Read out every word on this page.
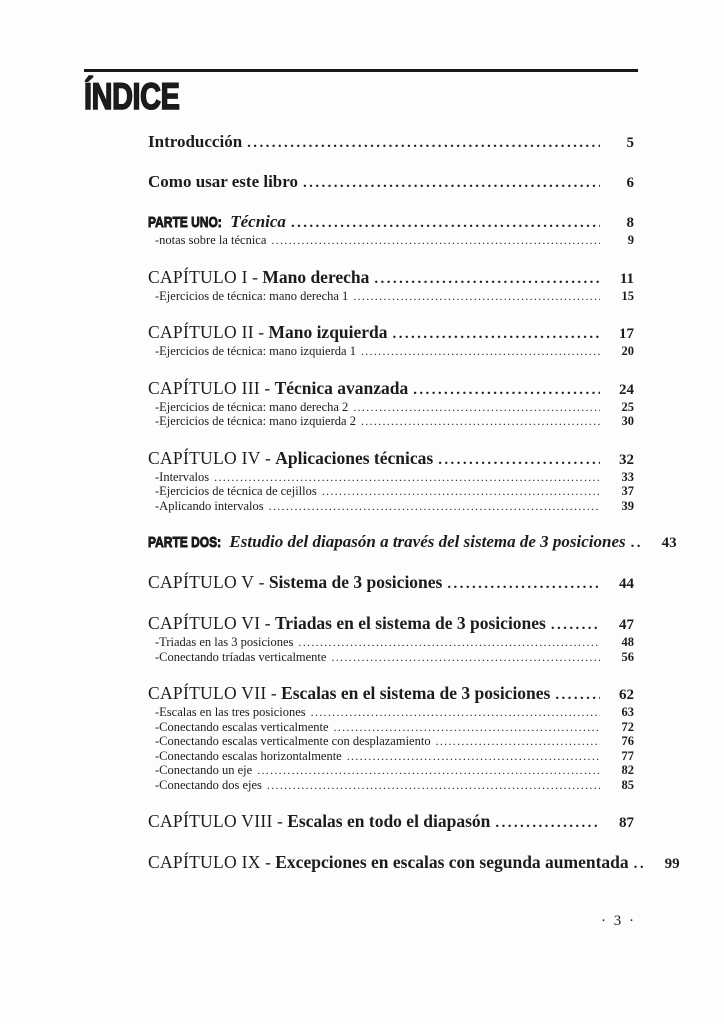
ÍNDICE
Introducción .....	5
Como usar este libro .....	6
PARTE UNO: Técnica .....	8
-notas sobre la técnica .....	9
CAPÍTULO I - Mano derecha .....	11
-Ejercicios de técnica: mano derecha 1 .....	15
CAPÍTULO II - Mano izquierda .....	17
-Ejercicios de técnica: mano izquierda 1 .....	20
CAPÍTULO III - Técnica avanzada .....	24
-Ejercicios de técnica: mano derecha 2 .....	25
-Ejercicios de técnica: mano izquierda 2 .....	30
CAPÍTULO IV - Aplicaciones técnicas .....	32
-Intervalos .....	33
-Ejercicios de técnica de cejillos .....	37
-Aplicando intervalos .....	39
PARTE DOS: Estudio del diapasón a través del sistema de 3 posiciones .....	43
CAPÍTULO V - Sistema de 3 posiciones .....	44
CAPÍTULO VI - Triadas en el sistema de 3 posiciones .....	47
-Triadas en las 3 posiciones .....	48
-Conectando tríadas verticalmente .....	56
CAPÍTULO VII - Escalas en el sistema de 3 posiciones .....	62
-Escalas en las tres posiciones .....	63
-Conectando escalas verticalmente .....	72
-Conectando escalas verticalmente con desplazamiento .....	76
-Conectando escalas horizontalmente .....	77
-Conectando un eje .....	82
-Conectando dos ejes .....	85
CAPÍTULO VIII - Escalas en todo el diapasón .....	87
CAPÍTULO IX - Excepciones en escalas con segunda aumentada .....	99
· 3 ·
